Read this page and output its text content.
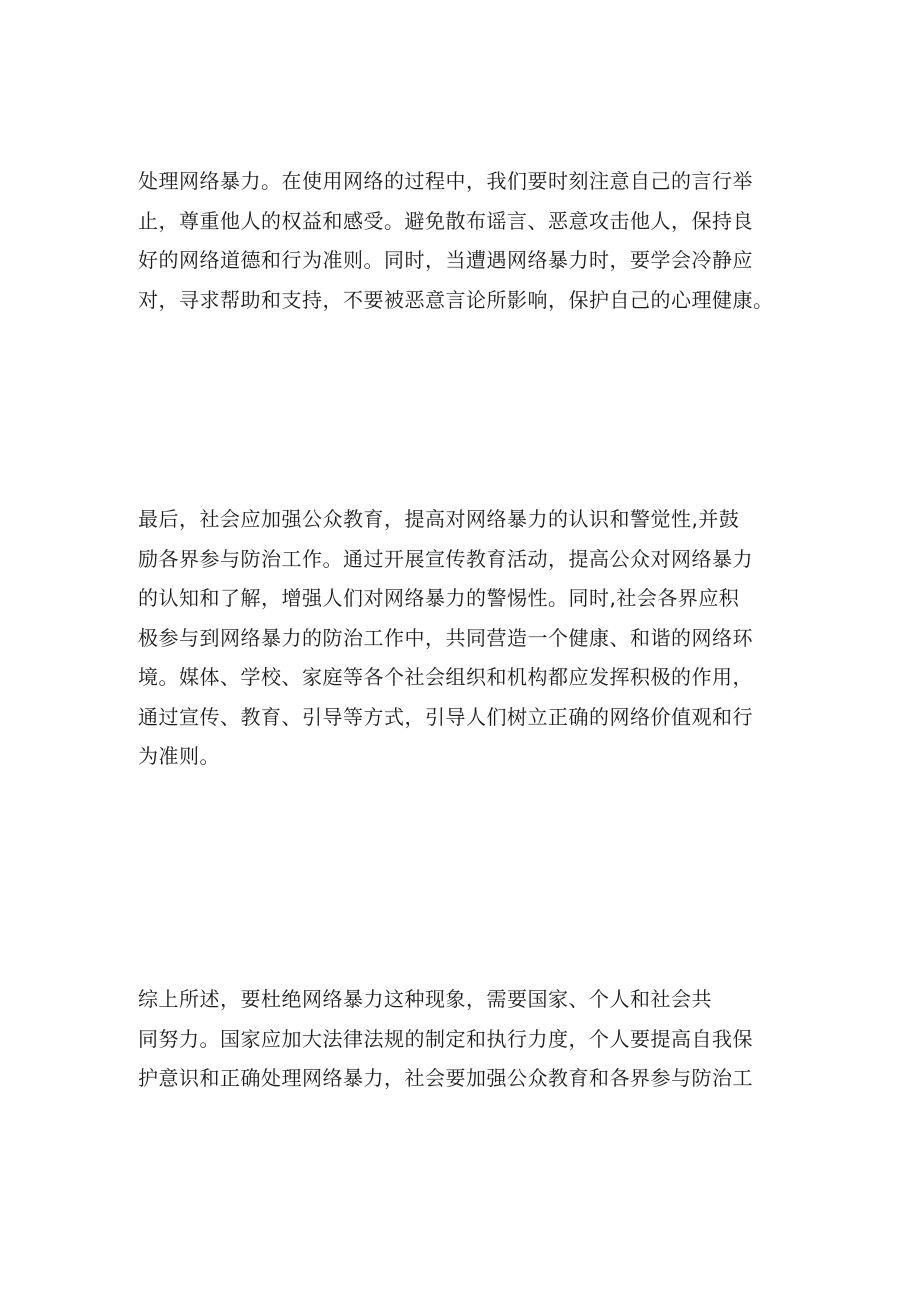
处理网络暴力。在使用网络的过程中，我们要时刻注意自己的言行举
止，尊重他人的权益和感受。避免散布谣言、恶意攻击他人，保持良
好的网络道德和行为准则。同时，当遭遇网络暴力时，要学会冷静应
对，寻求帮助和支持，不要被恶意言论所影响，保护自己的心理健康。
最后，社会应加强公众教育，提高对网络暴力的认识和警觉性,并鼓
励各界参与防治工作。通过开展宣传教育活动，提高公众对网络暴力
的认知和了解，增强人们对网络暴力的警惕性。同时,社会各界应积
极参与到网络暴力的防治工作中，共同营造一个健康、和谐的网络环
境。媒体、学校、家庭等各个社会组织和机构都应发挥积极的作用，
通过宣传、教育、引导等方式，引导人们树立正确的网络价值观和行
为准则。
综上所述，要杜绝网络暴力这种现象，需要国家、个人和社会共
同努力。国家应加大法律法规的制定和执行力度，个人要提高自我保
护意识和正确处理网络暴力，社会要加强公众教育和各界参与防治工
